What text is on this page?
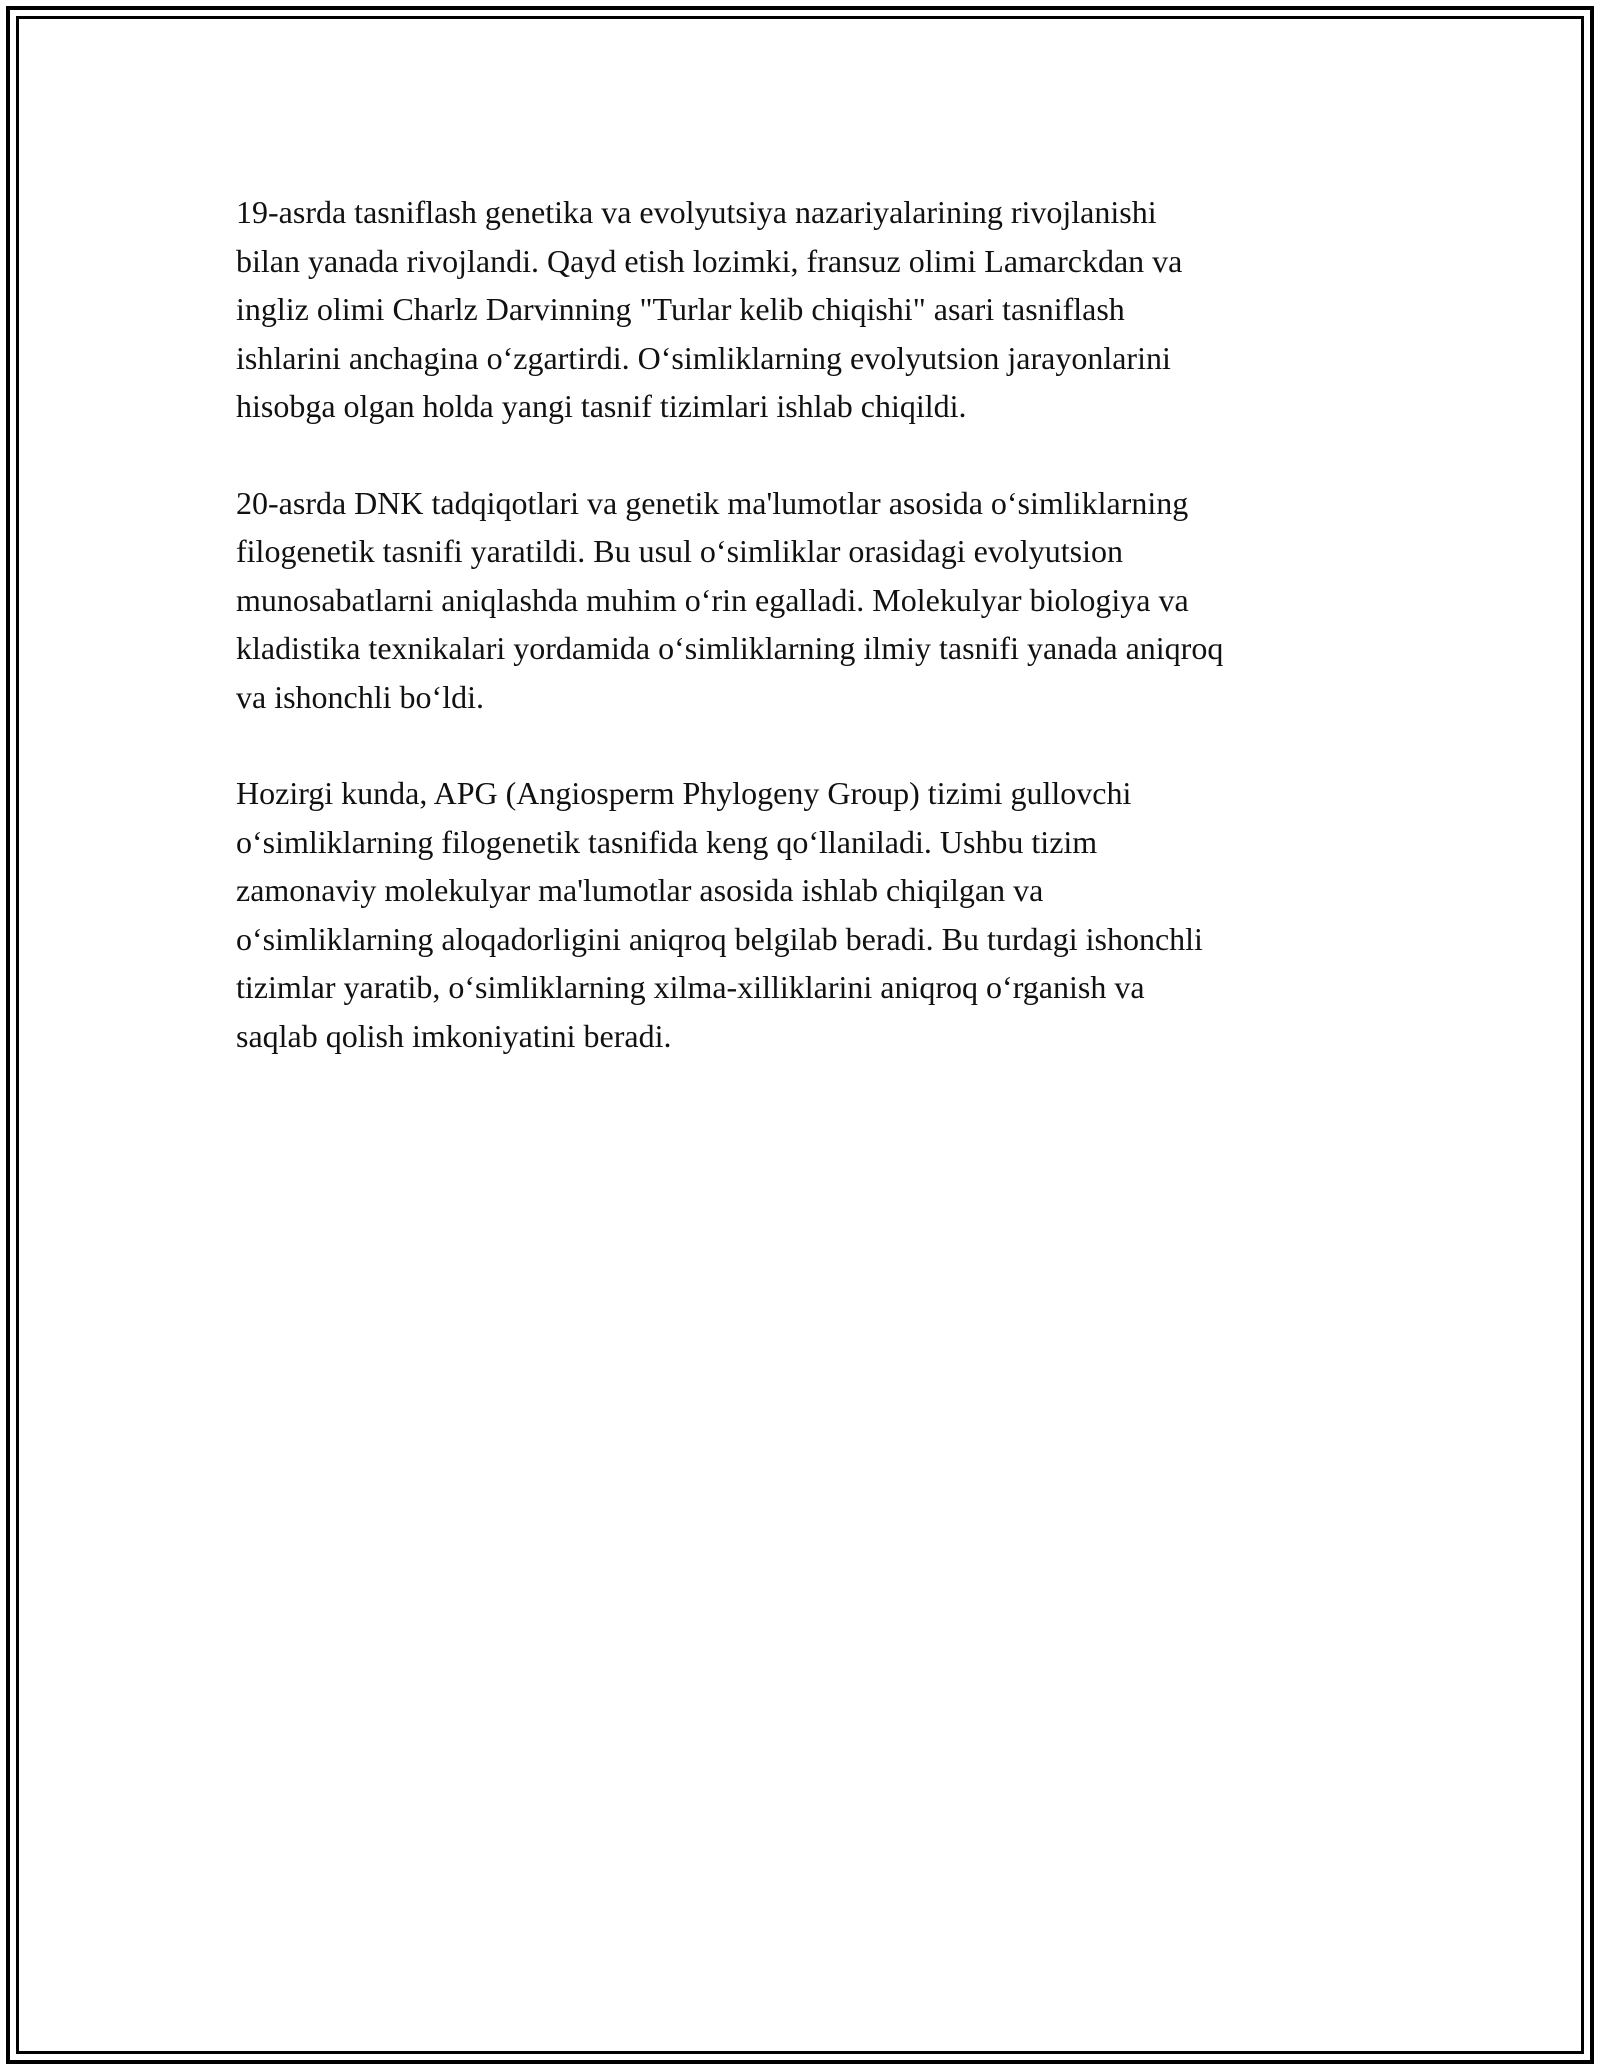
19-asrda tasniflash genetika va evolyutsiya nazariyalarining rivojlanishi
bilan yanada rivojlandi. Qayd etish lozimki, fransuz olimi Lamarckdan va
ingliz olimi Charlz Darvinning "Turlar kelib chiqishi" asari tasniflash
ishlarini anchagina oʻzgartirdi. Oʻsimliklarning evolyutsion jarayonlarini
hisobga olgan holda yangi tasnif tizimlari ishlab chiqildi.

20-asrda DNK tadqiqotlari va genetik ma'lumotlar asosida oʻsimliklarning
filogenetik tasnifi yaratildi. Bu usul oʻsimliklar orasidagi evolyutsion
munosabatlarni aniqlashda muhim oʻrin egalladi. Molekulyar biologiya va
kladistika texnikalari yordamida oʻsimliklarning ilmiy tasnifi yanada aniqroq
va ishonchli boʻldi.

Hozirgi kunda, APG (Angiosperm Phylogeny Group) tizimi gullovchi
oʻsimliklarning filogenetik tasnifida keng qoʻllaniladi. Ushbu tizim
zamonaviy molekulyar ma'lumotlar asosida ishlab chiqilgan va
oʻsimliklarning aloqadorligini aniqroq belgilab beradi. Bu turdagi ishonchli
tizimlar yaratib, oʻsimliklarning xilma-xilliklarini aniqroq oʻrganish va
saqlab qolish imkoniyatini beradi.
